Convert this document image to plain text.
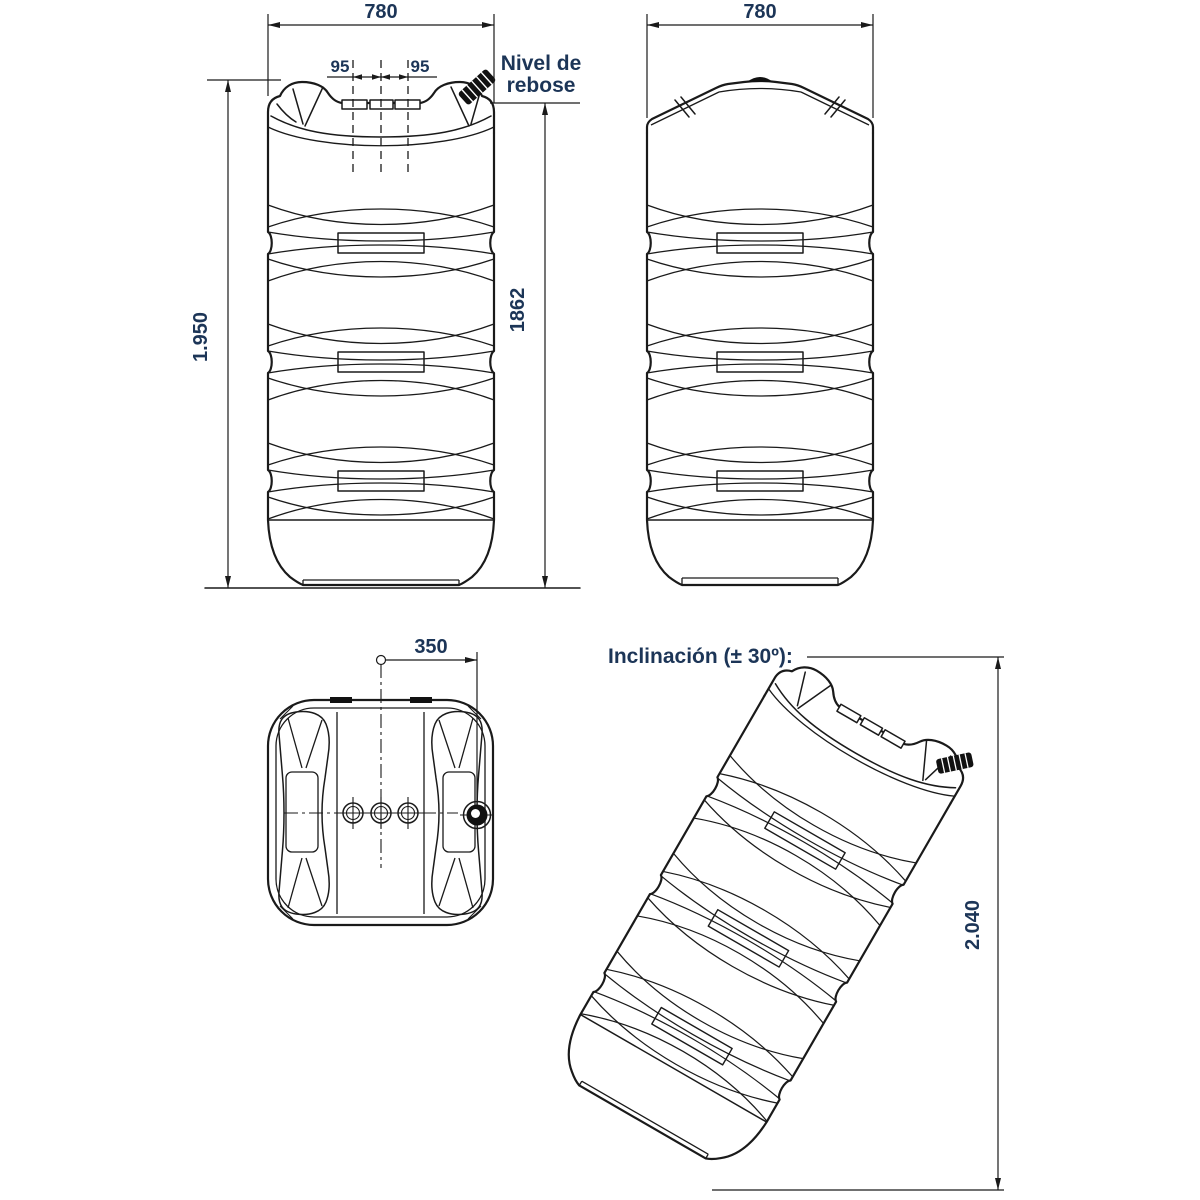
780
95	95	Nivel de
rebose
1.950
1862
780
350	Inclinación (± 30º):
2.040
